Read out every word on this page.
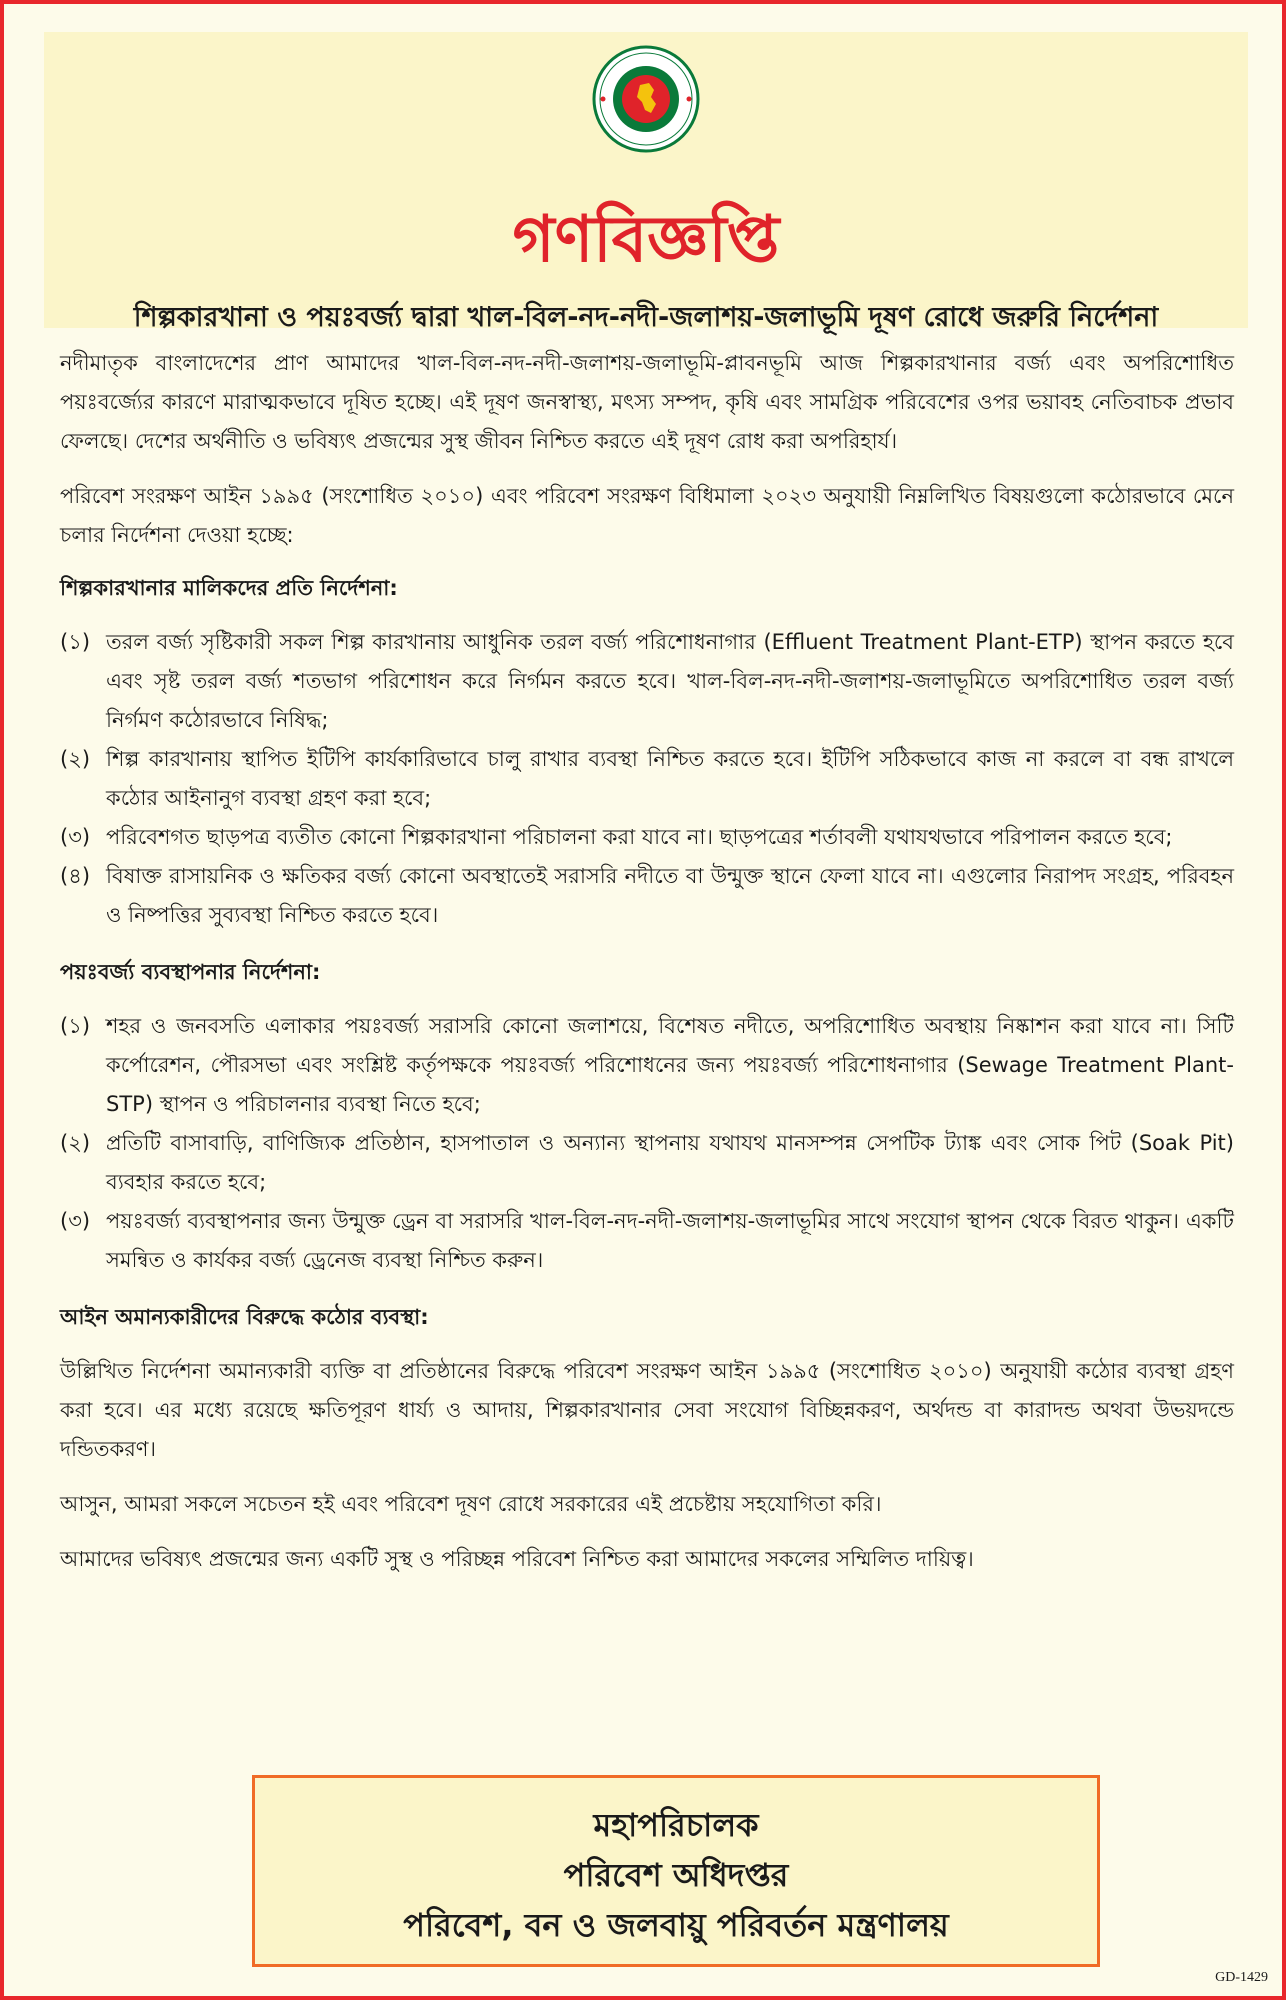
গণবিজ্ঞপ্তি
শিল্পকারখানা ও পয়ঃবর্জ্য দ্বারা খাল-বিল-নদ-নদী-জলাশয়-জলাভূমি দূষণ রোধে জরুরি নির্দেশনা

নদীমাতৃক বাংলাদেশের প্রাণ আমাদের খাল-বিল-নদ-নদী-জলাশয়-জলাভূমি-প্লাবনভূমি আজ শিল্পকারখানার বর্জ্য এবং অপরিশোধিত পয়ঃবর্জ্যের কারণে মারাত্মকভাবে দূষিত হচ্ছে। এই দূষণ জনস্বাস্থ্য, মৎস্য সম্পদ, কৃষি এবং সামগ্রিক পরিবেশের ওপর ভয়াবহ নেতিবাচক প্রভাব ফেলছে। দেশের অর্থনীতি ও ভবিষ্যৎ প্রজন্মের সুস্থ জীবন নিশ্চিত করতে এই দূষণ রোধ করা অপরিহার্য।

পরিবেশ সংরক্ষণ আইন ১৯৯৫ (সংশোধিত ২০১০) এবং পরিবেশ সংরক্ষণ বিধিমালা ২০২৩ অনুযায়ী নিম্নলিখিত বিষয়গুলো কঠোরভাবে মেনে চলার নির্দেশনা দেওয়া হচ্ছে:

শিল্পকারখানার মালিকদের প্রতি নির্দেশনা:
(১) তরল বর্জ্য সৃষ্টিকারী সকল শিল্প কারখানায় আধুনিক তরল বর্জ্য পরিশোধনাগার (Effluent Treatment Plant-ETP) স্থাপন করতে হবে এবং সৃষ্ট তরল বর্জ্য শতভাগ পরিশোধন করে নির্গমন করতে হবে। খাল-বিল-নদ-নদী-জলাশয়-জলাভূমিতে অপরিশোধিত তরল বর্জ্য নির্গমণ কঠোরভাবে নিষিদ্ধ;
(২) শিল্প কারখানায় স্থাপিত ইটিপি কার্যকারিভাবে চালু রাখার ব্যবস্থা নিশ্চিত করতে হবে। ইটিপি সঠিকভাবে কাজ না করলে বা বন্ধ রাখলে কঠোর আইনানুগ ব্যবস্থা গ্রহণ করা হবে;
(৩) পরিবেশগত ছাড়পত্র ব্যতীত কোনো শিল্পকারখানা পরিচালনা করা যাবে না। ছাড়পত্রের শর্তাবলী যথাযথভাবে পরিপালন করতে হবে;
(৪) বিষাক্ত রাসায়নিক ও ক্ষতিকর বর্জ্য কোনো অবস্থাতেই সরাসরি নদীতে বা উন্মুক্ত স্থানে ফেলা যাবে না। এগুলোর নিরাপদ সংগ্রহ, পরিবহন ও নিষ্পত্তির সুব্যবস্থা নিশ্চিত করতে হবে।
পয়ঃবর্জ্য ব্যবস্থাপনার নির্দেশনা:
(১) শহর ও জনবসতি এলাকার পয়ঃবর্জ্য সরাসরি কোনো জলাশয়ে, বিশেষত নদীতে, অপরিশোধিত অবস্থায় নিষ্কাশন করা যাবে না। সিটি কর্পোরেশন, পৌরসভা এবং সংশ্লিষ্ট কর্তৃপক্ষকে পয়ঃবর্জ্য পরিশোধনের জন্য পয়ঃবর্জ্য পরিশোধনাগার (Sewage Treatment Plant-STP) স্থাপন ও পরিচালনার ব্যবস্থা নিতে হবে;
(২) প্রতিটি বাসাবাড়ি, বাণিজ্যিক প্রতিষ্ঠান, হাসপাতাল ও অন্যান্য স্থাপনায় যথাযথ মানসম্পন্ন সেপটিক ট্যাঙ্ক এবং সোক পিট (Soak Pit) ব্যবহার করতে হবে;
(৩) পয়ঃবর্জ্য ব্যবস্থাপনার জন্য উন্মুক্ত ড্রেন বা সরাসরি খাল-বিল-নদ-নদী-জলাশয়-জলাভূমির সাথে সংযোগ স্থাপন থেকে বিরত থাকুন। একটি সমন্বিত ও কার্যকর বর্জ্য ড্রেনেজ ব্যবস্থা নিশ্চিত করুন।
আইন অমান্যকারীদের বিরুদ্ধে কঠোর ব্যবস্থা:

উল্লিখিত নির্দেশনা অমান্যকারী ব্যক্তি বা প্রতিষ্ঠানের বিরুদ্ধে পরিবেশ সংরক্ষণ আইন ১৯৯৫ (সংশোধিত ২০১০) অনুযায়ী কঠোর ব্যবস্থা গ্রহণ করা হবে। এর মধ্যে রয়েছে ক্ষতিপূরণ ধার্য্য ও আদায়, শিল্পকারখানার সেবা সংযোগ বিচ্ছিন্নকরণ, অর্থদন্ড বা কারাদন্ড অথবা উভয়দন্ডে দন্ডিতকরণ।

আসুন, আমরা সকলে সচেতন হই এবং পরিবেশ দূষণ রোধে সরকারের এই প্রচেষ্টায় সহযোগিতা করি।

আমাদের ভবিষ্যৎ প্রজন্মের জন্য একটি সুস্থ ও পরিচ্ছন্ন পরিবেশ নিশ্চিত করা আমাদের সকলের সম্মিলিত দায়িত্ব।

মহাপরিচালক
পরিবেশ অধিদপ্তর
পরিবেশ, বন ও জলবায়ু পরিবর্তন মন্ত্রণালয়
GD-1429
